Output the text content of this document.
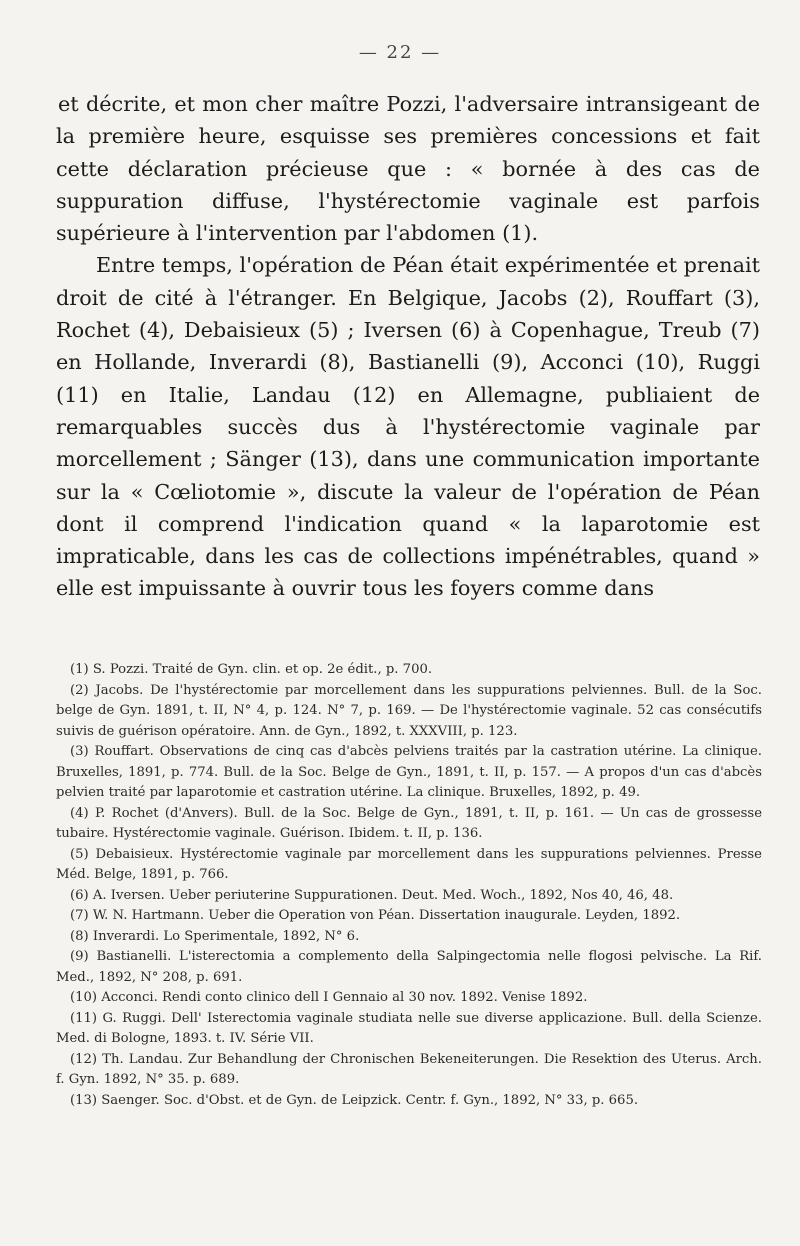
— 22 —

et décrite, et mon cher maître Pozzi, l'adversaire intransigeant de la première heure, esquisse ses premières concessions et fait cette déclaration précieuse que : « bornée à des cas de suppuration diffuse, l'hystérectomie vaginale est parfois supérieure à l'intervention par l'abdomen (1).

Entre temps, l'opération de Péan était expérimentée et prenait droit de cité à l'étranger. En Belgique, Jacobs (2), Rouffart (3), Rochet (4), Debaisieux (5) ; Iversen (6) à Copenhague, Treub (7) en Hollande, Inverardi (8), Bastianelli (9), Acconci (10), Ruggi (11) en Italie, Landau (12) en Allemagne, publiaient de remarquables succès dus à l'hystérectomie vaginale par morcellement ; Sänger (13), dans une communication importante sur la « Cœliotomie », discute la valeur de l'opération de Péan dont il comprend l'indication quand « la laparotomie est impraticable, dans les cas de collections impénétrables, quand » elle est impuissante à ouvrir tous les foyers comme dans

(1) S. Pozzi. Traité de Gyn. clin. et op. 2e édit., p. 700.

(2) Jacobs. De l'hystérectomie par morcellement dans les suppurations pelviennes. Bull. de la Soc. belge de Gyn. 1891, t. II, N° 4, p. 124. N° 7, p. 169. — De l'hystérectomie vaginale. 52 cas consécutifs suivis de guérison opératoire. Ann. de Gyn., 1892, t. XXXVIII, p. 123.

(3) Rouffart. Observations de cinq cas d'abcès pelviens traités par la castration utérine. La clinique. Bruxelles, 1891, p. 774. Bull. de la Soc. Belge de Gyn., 1891, t. II, p. 157. — A propos d'un cas d'abcès pelvien traité par laparotomie et castration utérine. La clinique. Bruxelles, 1892, p. 49.

(4) P. Rochet (d'Anvers). Bull. de la Soc. Belge de Gyn., 1891, t. II, p. 161. — Un cas de grossesse tubaire. Hystérectomie vaginale. Guérison. Ibidem. t. II, p. 136.

(5) Debaisieux. Hystérectomie vaginale par morcellement dans les suppurations pelviennes. Presse Méd. Belge, 1891, p. 766.

(6) A. Iversen. Ueber periuterine Suppurationen. Deut. Med. Woch., 1892, Nos 40, 46, 48.

(7) W. N. Hartmann. Ueber die Operation von Péan. Dissertation inaugurale. Leyden, 1892.

(8) Inverardi. Lo Sperimentale, 1892, N° 6.

(9) Bastianelli. L'isterectomia a complemento della Salpingectomia nelle flogosi pelvische. La Rif. Med., 1892, N° 208, p. 691.

(10) Acconci. Rendi conto clinico dell I Gennaio al 30 nov. 1892. Venise 1892.

(11) G. Ruggi. Dell' Isterectomia vaginale studiata nelle sue diverse applicazione. Bull. della Scienze. Med. di Bologne, 1893. t. IV. Série VII.

(12) Th. Landau. Zur Behandlung der Chronischen Bekeneiterungen. Die Resektion des Uterus. Arch. f. Gyn. 1892, N° 35. p. 689.

(13) Saenger. Soc. d'Obst. et de Gyn. de Leipzick. Centr. f. Gyn., 1892, N° 33, p. 665.
